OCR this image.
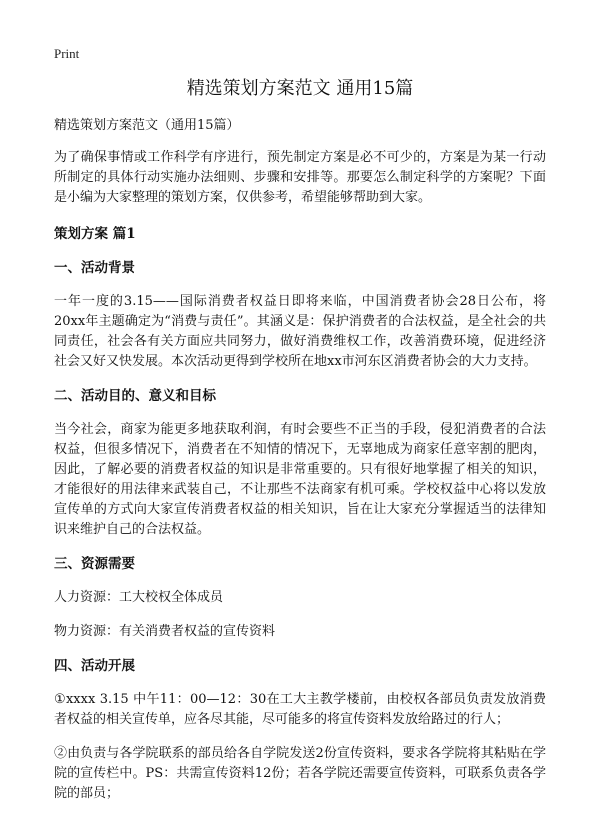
Print
精选策划方案范文 通用15篇
精选策划方案范文（通用15篇）

为了确保事情或工作科学有序进行，预先制定方案是必不可少的，方案是为某一行动所制定的具体行动实施办法细则、步骤和安排等。那要怎么制定科学的方案呢？下面是小编为大家整理的策划方案，仅供参考，希望能够帮助到大家。

策划方案 篇1
一、活动背景

一年一度的3.15——国际消费者权益日即将来临，中国消费者协会28日公布，将20xx年主题确定为“消费与责任”。其涵义是：保护消费者的合法权益，是全社会的共同责任，社会各有关方面应共同努力，做好消费维权工作，改善消费环境，促进经济社会又好又快发展。本次活动更得到学校所在地xx市河东区消费者协会的大力支持。

二、活动目的、意义和目标

当今社会，商家为能更多地获取利润，有时会要些不正当的手段，侵犯消费者的合法权益，但很多情况下，消费者在不知情的情况下，无辜地成为商家任意宰割的肥肉，因此，了解必要的消费者权益的知识是非常重要的。只有很好地掌握了相关的知识，才能很好的用法律来武装自己，不让那些不法商家有机可乘。学校权益中心将以发放宣传单的方式向大家宣传消费者权益的相关知识，旨在让大家充分掌握适当的法律知识来维护自己的合法权益。

三、资源需要

人力资源：工大校权全体成员

物力资源：有关消费者权益的宣传资料

四、活动开展

①xxxx 3.15 中午11：00—12：30在工大主教学楼前，由校权各部员负责发放消费者权益的相关宣传单，应各尽其能，尽可能多的将宣传资料发放给路过的行人；

②由负责与各学院联系的部员给各自学院发送2份宣传资料，要求各学院将其粘贴在学院的宣传栏中。PS：共需宣传资料12份；若各学院还需要宣传资料，可联系负责各学院的部员；
